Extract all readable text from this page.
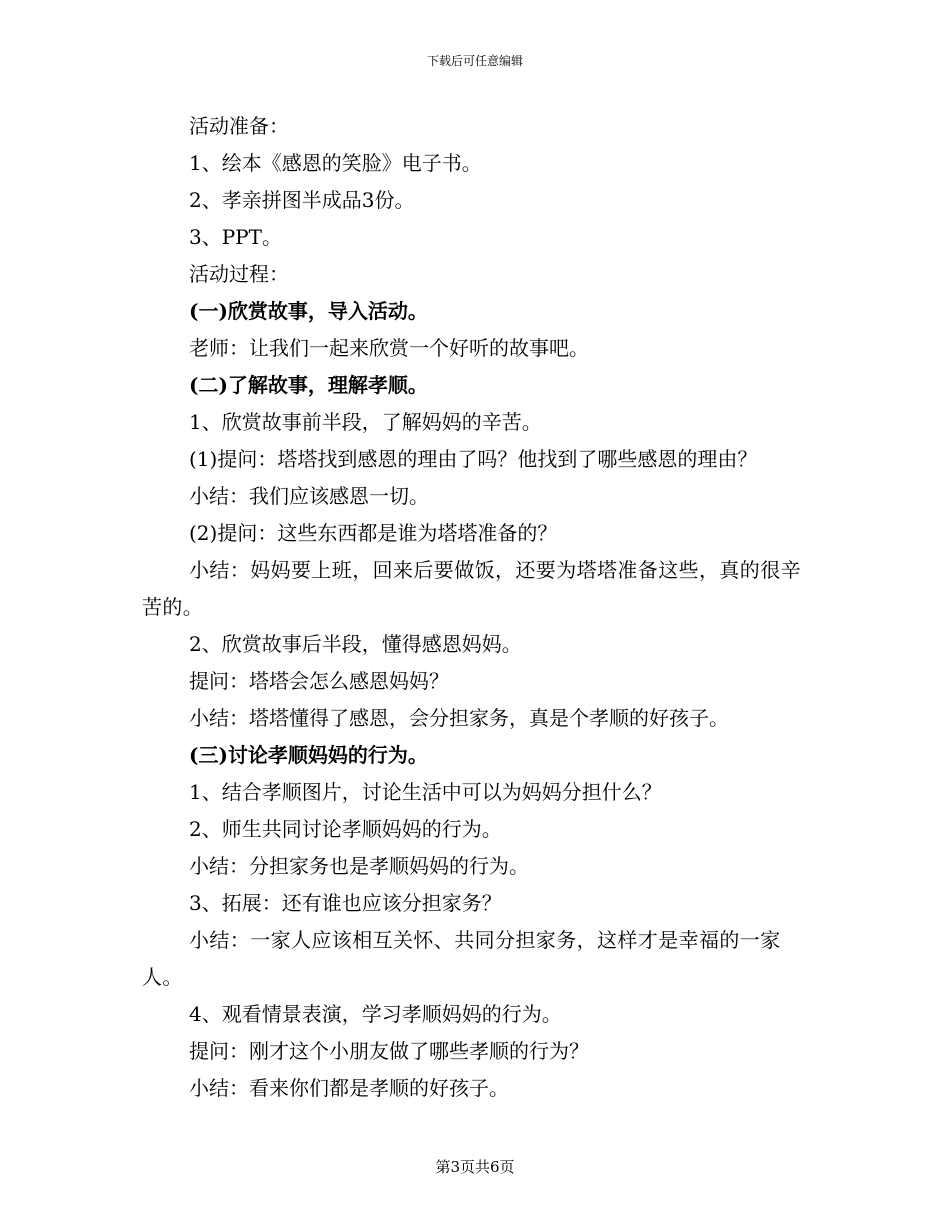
下载后可任意编辑

活动准备：

1、绘本《感恩的笑脸》电子书。

2、孝亲拼图半成品3份。

3、PPT。

活动过程：

(一)欣赏故事，导入活动。

老师：让我们一起来欣赏一个好听的故事吧。

(二)了解故事，理解孝顺。

1、欣赏故事前半段，了解妈妈的辛苦。

(1)提问：塔塔找到感恩的理由了吗？他找到了哪些感恩的理由？

小结：我们应该感恩一切。

(2)提问：这些东西都是谁为塔塔准备的？

小结：妈妈要上班，回来后要做饭，还要为塔塔准备这些，真的很辛苦的。

2、欣赏故事后半段，懂得感恩妈妈。

提问：塔塔会怎么感恩妈妈？

小结：塔塔懂得了感恩，会分担家务，真是个孝顺的好孩子。

(三)讨论孝顺妈妈的行为。

1、结合孝顺图片，讨论生活中可以为妈妈分担什么？

2、师生共同讨论孝顺妈妈的行为。

小结：分担家务也是孝顺妈妈的行为。

3、拓展：还有谁也应该分担家务？

小结：一家人应该相互关怀、共同分担家务，这样才是幸福的一家人。

4、观看情景表演，学习孝顺妈妈的行为。

提问：刚才这个小朋友做了哪些孝顺的行为？

小结：看来你们都是孝顺的好孩子。

第3页共6页
